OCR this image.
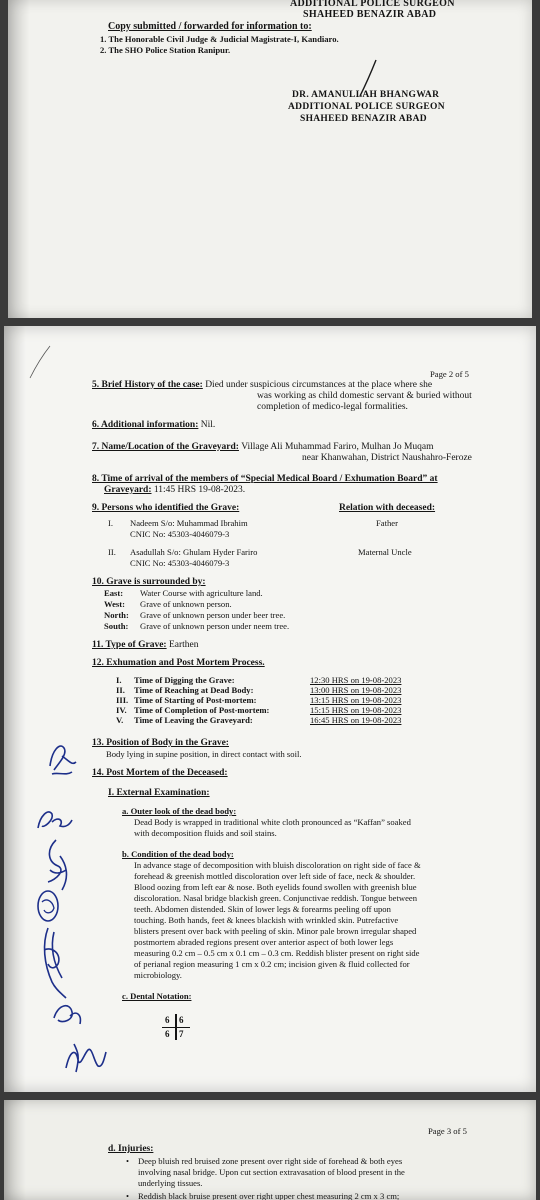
ADDITIONAL POLICE SURGEON
SHAHEED BENAZIR ABAD
Copy submitted / forwarded for information to:
1. The Honorable Civil Judge & Judicial Magistrate-I, Kandiaro.
2. The SHO Police Station Ranipur.
DR. AMANULLAH BHANGWAR
ADDITIONAL POLICE SURGEON
SHAHEED BENAZIR ABAD
Page 2 of 5
5. Brief History of the case: Died under suspicious circumstances at the place where she
was working as child domestic servant & buried without
completion of medico-legal formalities.
6. Additional information: Nil.
7. Name/Location of the Graveyard: Village Ali Muhammad Fariro, Mulhan Jo Muqam
near Khanwahan, District Naushahro-Feroze
8. Time of arrival of the members of “Special Medical Board / Exhumation Board” at
Graveyard: 11:45 HRS 19-08-2023.
9. Persons who identified the Grave:	Relation with deceased:
I. Nadeem S/o: Muhammad Ibrahim
CNIC No: 45303-4046079-3
Father
II. Asadullah S/o: Ghulam Hyder Fariro
CNIC No: 45303-4046079-3
Maternal Uncle
10. Grave is surrounded by:
East: Water Course with agriculture land.
West: Grave of unknown person.
North: Grave of unknown person under beer tree.
South: Grave of unknown person under neem tree.
11. Type of Grave: Earthen
12. Exhumation and Post Mortem Process.
I. Time of Digging the Grave:	12:30 HRS on 19-08-2023
II. Time of Reaching at Dead Body:	13:00 HRS on 19-08-2023
III. Time of Starting of Post-mortem:	13:15 HRS on 19-08-2023
IV. Time of Completion of Post-mortem:	15:15 HRS on 19-08-2023
V. Time of Leaving the Graveyard:	16:45 HRS on 19-08-2023
13. Position of Body in the Grave:
Body lying in supine position, in direct contact with soil.
14. Post Mortem of the Deceased:
I. External Examination:
a. Outer look of the dead body:
Dead Body is wrapped in traditional white cloth pronounced as “Kaffan” soaked
with decomposition fluids and soil stains.
b. Condition of the dead body:
In advance stage of decomposition with bluish discoloration on right side of face &
forehead & greenish mottled discoloration over left side of face, neck & shoulder.
Blood oozing from left ear & nose. Both eyelids found swollen with greenish blue
discoloration. Nasal bridge blackish green. Conjunctivae reddish. Tongue between
teeth. Abdomen distended. Skin of lower legs & forearms peeling off upon
touching. Both hands, feet & knees blackish with wrinkled skin. Putrefactive
blisters present over back with peeling of skin. Minor pale brown irregular shaped
postmortem abraded regions present over anterior aspect of both lower legs
measuring 0.2 cm – 0.5 cm x 0.1 cm – 0.3 cm. Reddish blister present on right side
of perianal region measuring 1 cm x 0.2 cm; incision given & fluid collected for
microbiology.
c. Dental Notation:
6 6
6 7
Page 3 of 5
d. Injuries:
• Deep bluish red bruised zone present over right side of forehead & both eyes
involving nasal bridge. Upon cut section extravasation of blood present in the
underlying tissues.
• Reddish black bruise present over right upper chest measuring 2 cm x 3 cm;
